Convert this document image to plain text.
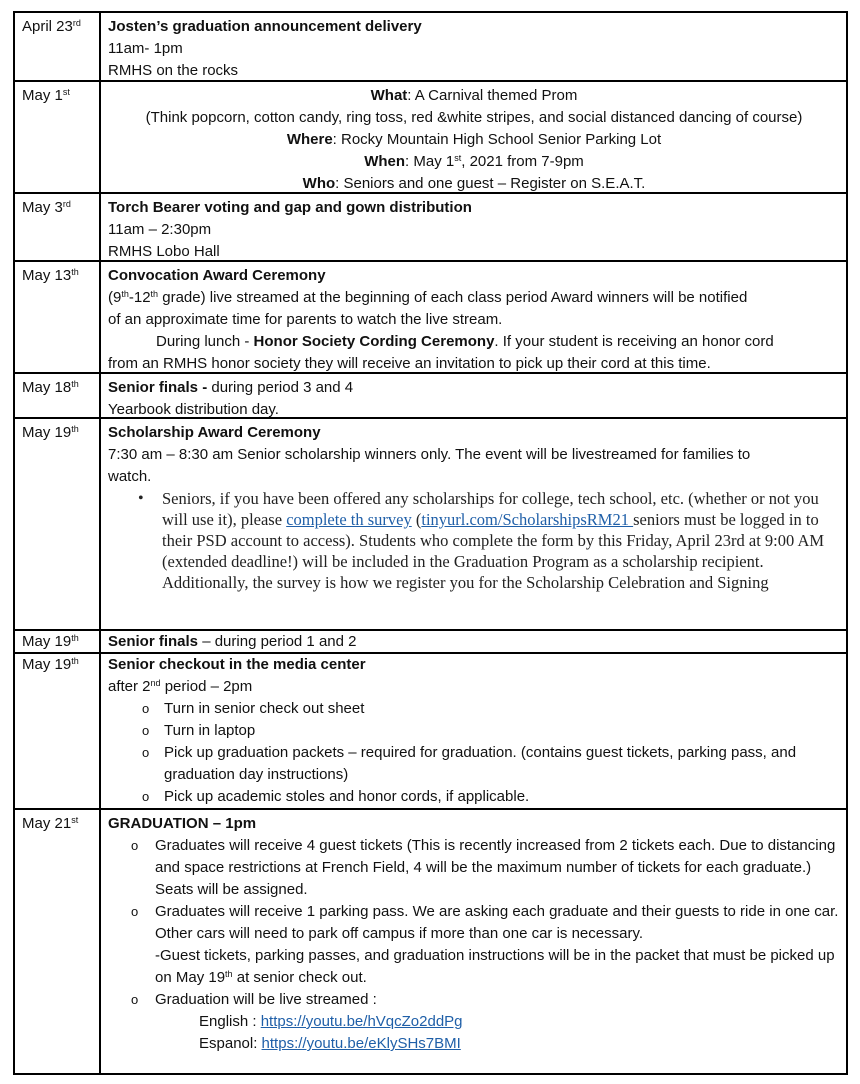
April 23rd	Josten’s graduation announcement delivery
11am- 1pm
RMHS on the rocks
May 1st	What: A Carnival themed Prom
(Think popcorn, cotton candy, ring toss, red &white stripes, and social distanced dancing of course)
Where: Rocky Mountain High School Senior Parking Lot
When: May 1st, 2021 from 7-9pm
Who: Seniors and one guest – Register on S.E.A.T.
May 3rd	Torch Bearer voting and gap and gown distribution
11am – 2:30pm
RMHS Lobo Hall
May 13th	Convocation Award Ceremony
(9th-12th grade) live streamed at the beginning of each class period Award winners will be notified
of an approximate time for parents to watch the live stream.
During lunch - Honor Society Cording Ceremony. If your student is receiving an honor cord
from an RMHS honor society they will receive an invitation to pick up their cord at this time.
May 18th	Senior finals - during period 3 and 4
Yearbook distribution day.
May 19th	Scholarship Award Ceremony
7:30 am – 8:30 am Senior scholarship winners only. The event will be livestreamed for families to
watch.
• Seniors, if you have been offered any scholarships for college, tech school, etc. (whether or not you will use it), please complete th survey (tinyurl.com/ScholarshipsRM21 seniors must be logged in to their PSD account to access). Students who complete the form by this Friday, April 23rd at 9:00 AM (extended deadline!) will be included in the Graduation Program as a scholarship recipient. Additionally, the survey is how we register you for the Scholarship Celebration and Signing
May 19th	Senior finals – during period 1 and 2
May 19th	Senior checkout in the media center
after 2nd period – 2pm
o Turn in senior check out sheet
o Turn in laptop
o Pick up graduation packets – required for graduation. (contains guest tickets, parking pass, and graduation day instructions)
o Pick up academic stoles and honor cords, if applicable.
May 21st	GRADUATION – 1pm
o Graduates will receive 4 guest tickets (This is recently increased from 2 tickets each. Due to distancing and space restrictions at French Field, 4 will be the maximum number of tickets for each graduate.)
Seats will be assigned.
o Graduates will receive 1 parking pass. We are asking each graduate and their guests to ride in one car. Other cars will need to park off campus if more than one car is necessary.
-Guest tickets, parking passes, and graduation instructions will be in the packet that must be picked up on May 19th at senior check out.
o Graduation will be live streamed :
English : https://youtu.be/hVqcZo2ddPg
Espanol: https://youtu.be/eKlySHs7BMI
